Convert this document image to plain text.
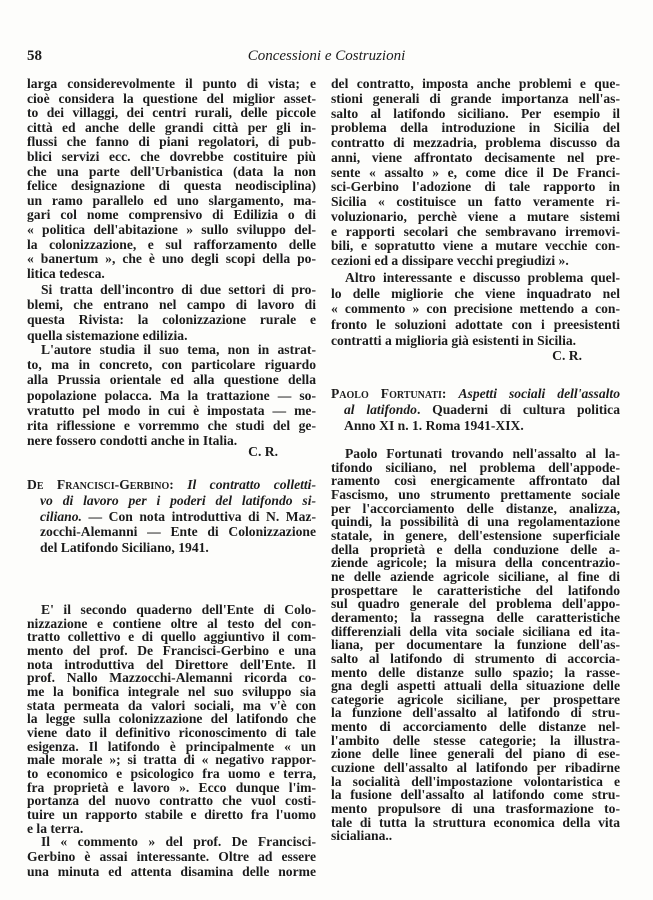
58	Concessioni e Costruzioni
larga considerevolmente il punto di vista; e
cioè considera la questione del miglior asset-
to dei villaggi, dei centri rurali, delle piccole
città ed anche delle grandi città per gli in-
flussi che fanno di piani regolatori, di pub-
blici servizi ecc. che dovrebbe costituire più
che una parte dell'Urbanistica (data la non
felice designazione di questa neodisciplina)
un ramo parallelo ed uno slargamento, ma-
gari col nome comprensivo di Edilizia o di
« politica dell'abitazione » sullo sviluppo del-
la colonizzazione, e sul rafforzamento delle
« banertum », che è uno degli scopi della po-
litica tedesca.
Si tratta dell'incontro di due settori di pro-
blemi, che entrano nel campo di lavoro di
questa Rivista: la colonizzazione rurale e
quella sistemazione edilizia.
L'autore studia il suo tema, non in astrat-
to, ma in concreto, con particolare riguardo
alla Prussia orientale ed alla questione della
popolazione polacca. Ma la trattazione — so-
vratutto pel modo in cui è impostata — me-
rita riflessione e vorremmo che studi del ge-
nere fossero condotti anche in Italia.
C. R.
De Francisci-Gerbino: Il contratto colletti-
vo di lavoro per i poderi del latifondo si-
ciliano. — Con nota introduttiva di N. Maz-
zocchi-Alemanni — Ente di Colonizzazione
del Latifondo Siciliano, 1941.
E' il secondo quaderno dell'Ente di Colo-
nizzazione e contiene oltre al testo del con-
tratto collettivo e di quello aggiuntivo il com-
mento del prof. De Francisci-Gerbino e una
nota introduttiva del Direttore dell'Ente. Il
prof. Nallo Mazzocchi-Alemanni ricorda co-
me la bonifica integrale nel suo sviluppo sia
stata permeata da valori sociali, ma v'è con
la legge sulla colonizzazione del latifondo che
viene dato il definitivo riconoscimento di tale
esigenza. Il latifondo è principalmente « un
male morale »; si tratta di « negativo rappor-
to economico e psicologico fra uomo e terra,
fra proprietà e lavoro ». Ecco dunque l'im-
portanza del nuovo contratto che vuol costi-
tuire un rapporto stabile e diretto fra l'uomo
e la terra.
Il « commento » del prof. De Francisci-
Gerbino è assai interessante. Oltre ad essere
una minuta ed attenta disamina delle norme
del contratto, imposta anche problemi e que-
stioni generali di grande importanza nell'as-
salto al latifondo siciliano. Per esempio il
problema della introduzione in Sicilia del
contratto di mezzadria, problema discusso da
anni, viene affrontato decisamente nel pre-
sente « assalto » e, come dice il De Franci-
sci-Gerbino l'adozione di tale rapporto in
Sicilia « costituisce un fatto veramente ri-
voluzionario, perchè viene a mutare sistemi
e rapporti secolari che sembravano irremovi-
bili, e sopratutto viene a mutare vecchie con-
cezioni ed a dissipare vecchi pregiudizi ».
Altro interessante e discusso problema quel-
lo delle migliorie che viene inquadrato nel
« commento » con precisione mettendo a con-
fronto le soluzioni adottate con i preesistenti
contratti a miglioria già esistenti in Sicilia.
C. R.
Paolo Fortunati: Aspetti sociali dell'assalto
al latifondo. Quaderni di cultura politica
Anno XI n. 1. Roma 1941-XIX.
Paolo Fortunati trovando nell'assalto al la-
tifondo siciliano, nel problema dell'appode-
ramento così energicamente affrontato dal
Fascismo, uno strumento prettamente sociale
per l'accorciamento delle distanze, analizza,
quindi, la possibilità di una regolamentazione
statale, in genere, dell'estensione superficiale
della proprietà e della conduzione delle a-
ziende agricole; la misura della concentrazio-
ne delle aziende agricole siciliane, al fine di
prospettare le caratteristiche del latifondo
sul quadro generale del problema dell'appo-
deramento; la rassegna delle caratteristiche
differenziali della vita sociale siciliana ed ita-
liana, per documentare la funzione dell'as-
salto al latifondo di strumento di accorcia-
mento delle distanze sullo spazio; la rasse-
gna degli aspetti attuali della situazione delle
categorie agricole siciliane, per prospettare
la funzione dell'assalto al latifondo di stru-
mento di accorciamento delle distanze nel-
l'ambito delle stesse categorie; la illustra-
zione delle linee generali del piano di ese-
cuzione dell'assalto al latifondo per ribadirne
la socialità dell'impostazione volontaristica e
la fusione dell'assalto al latifondo come stru-
mento propulsore di una trasformazione to-
tale di tutta la struttura economica della vita
sicialiana..
